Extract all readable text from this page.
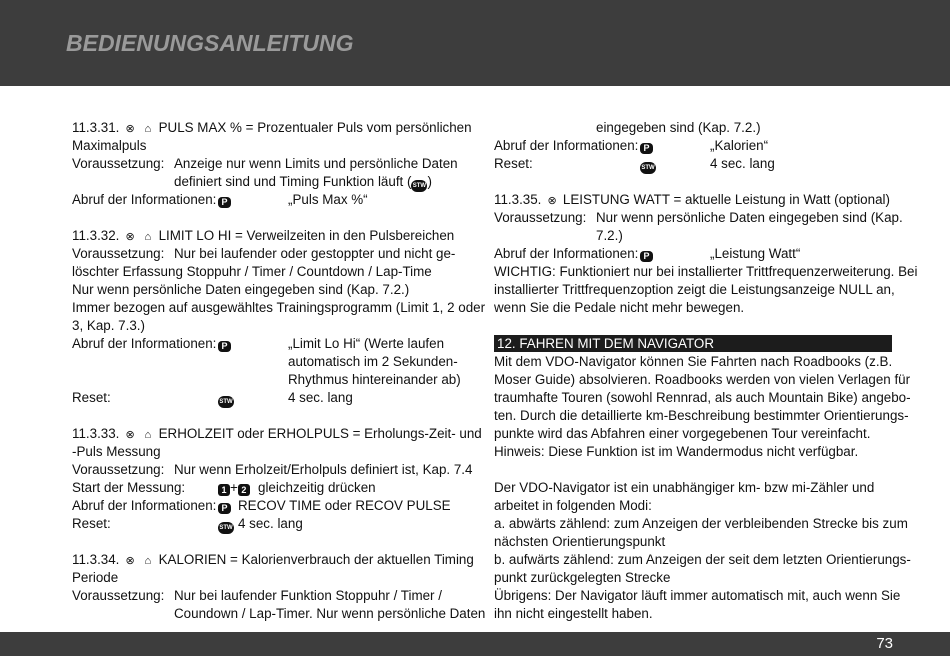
BEDIENUNGSANLEITUNG
11.3.31. ⊗ ⌂ PULS MAX % = Prozentualer Puls vom persönlichen
Maximalpuls
Voraussetzung: Anzeige nur wenn Limits und persönliche Daten
definiert sind und Timing Funktion läuft (STW)
Abruf der Informationen: P	„Puls Max %“
11.3.32. ⊗ ⌂ LIMIT LO HI = Verweilzeiten in den Pulsbereichen
Voraussetzung: Nur bei laufender oder gestoppter und nicht ge-
löschter Erfassung Stoppuhr / Timer / Countdown / Lap-Time
Nur wenn persönliche Daten eingegeben sind (Kap. 7.2.)
Immer bezogen auf ausgewähltes Trainingsprogramm (Limit 1, 2 oder
3, Kap. 7.3.)
Abruf der Informationen: P	„Limit Lo Hi“ (Werte laufen
automatisch im 2 Sekunden-
Rhythmus hintereinander ab)
Reset:	STW	4 sec. lang
11.3.33. ⊗ ⌂ ERHOLZEIT oder ERHOLPULS = Erholungs-Zeit- und
-Puls Messung
Voraussetzung: Nur wenn Erholzeit/Erholpuls definiert ist, Kap. 7.4
Start der Messung:	1 + 2 gleichzeitig drücken
Abruf der Informationen: P RECOV TIME oder RECOV PULSE
Reset:	STW 4 sec. lang
11.3.34. ⊗ ⌂ KALORIEN = Kalorienverbrauch der aktuellen Timing
Periode
Voraussetzung: Nur bei laufender Funktion Stoppuhr / Timer /
Coundown / Lap-Timer. Nur wenn persönliche Daten
eingegeben sind (Kap. 7.2.)
Abruf der Informationen: P	„Kalorien“
Reset:	STW	4 sec. lang
11.3.35. ⊗ LEISTUNG WATT = aktuelle Leistung in Watt (optional)
Voraussetzung: Nur wenn persönliche Daten eingegeben sind (Kap.
7.2.)
Abruf der Informationen: P	„Leistung Watt“
WICHTIG: Funktioniert nur bei installierter Trittfrequenzerweiterung. Bei
installierter Trittfrequenzoption zeigt die Leistungsanzeige NULL an,
wenn Sie die Pedale nicht mehr bewegen.
12. FAHREN MIT DEM NAVIGATOR
Mit dem VDO-Navigator können Sie Fahrten nach Roadbooks (z.B.
Moser Guide) absolvieren. Roadbooks werden von vielen Verlagen für
traumhafte Touren (sowohl Rennrad, als auch Mountain Bike) angebo-
ten. Durch die detaillierte km-Beschreibung bestimmter Orientierungs-
punkte wird das Abfahren einer vorgegebenen Tour vereinfacht.
Hinweis: Diese Funktion ist im Wandermodus nicht verfügbar.
Der VDO-Navigator ist ein unabhängiger km- bzw mi-Zähler und
arbeitet in folgenden Modi:
a. abwärts zählend: zum Anzeigen der verbleibenden Strecke bis zum
nächsten Orientierungspunkt
b. aufwärts zählend: zum Anzeigen der seit dem letzten Orientierungs-
punkt zurückgelegten Strecke
Übrigens: Der Navigator läuft immer automatisch mit, auch wenn Sie
ihn nicht eingestellt haben.
73
